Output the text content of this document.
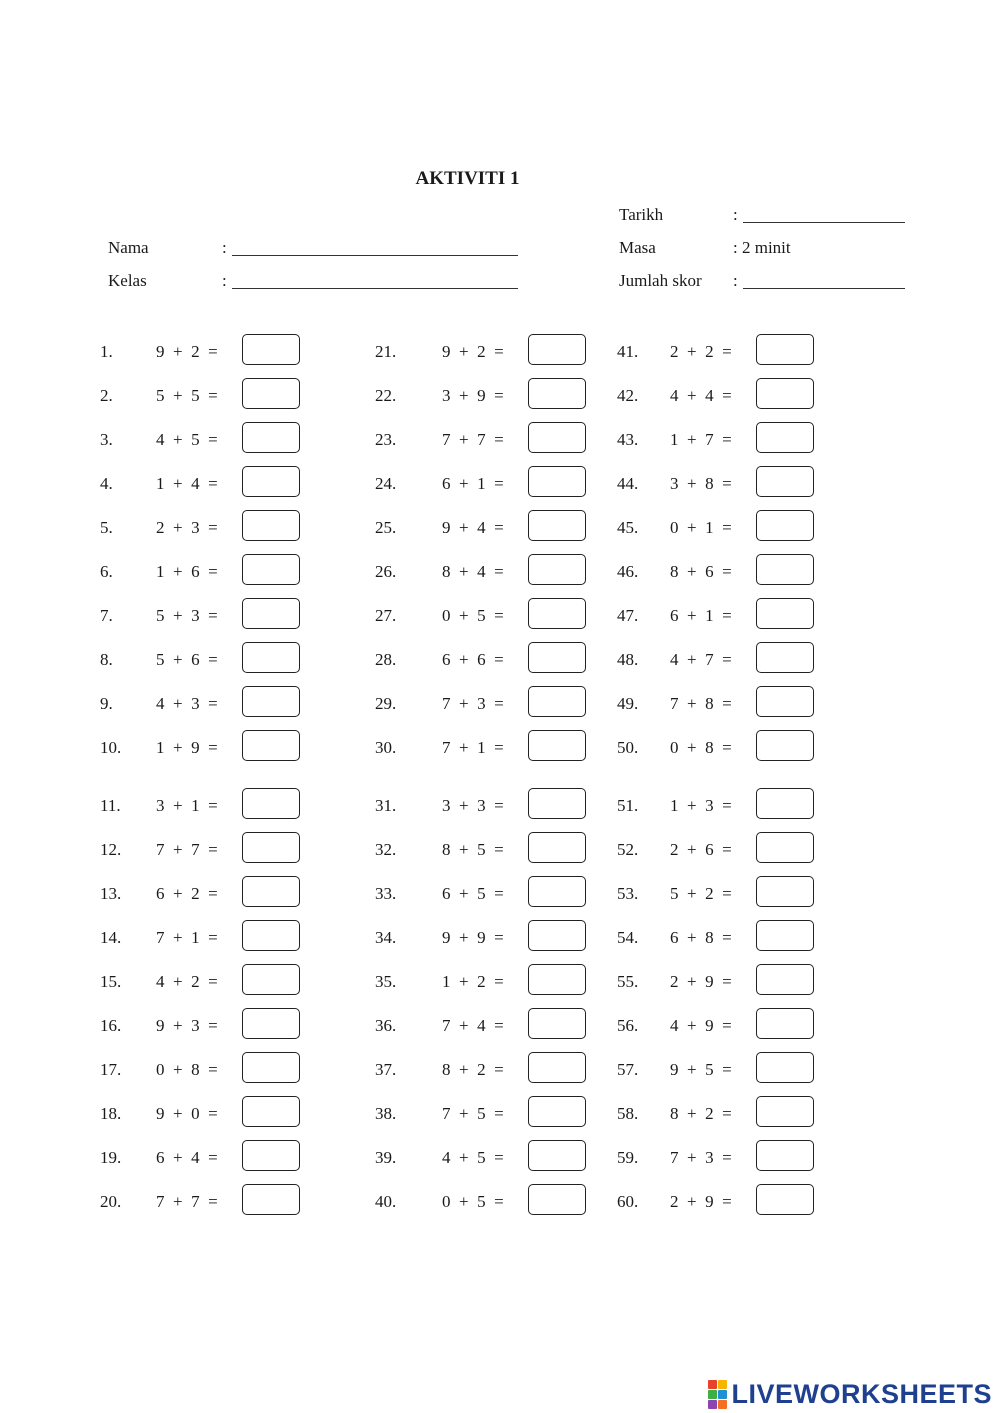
AKTIVITI 1
Nama	:
Kelas	:
Tarikh	:
Masa	: 2 minit
Jumlah skor :
1.	9 + 2 =
2.	5 + 5 =
3.	4 + 5 =
4.	1 + 4 =
5.	2 + 3 =
6.	1 + 6 =
7.	5 + 3 =
8.	5 + 6 =
9.	4 + 3 =
10. 1 + 9 =
11. 3 + 1 =
12. 7 + 7 =
13. 6 + 2 =
14. 7 + 1 =
15. 4 + 2 =
16. 9 + 3 =
17. 0 + 8 =
18. 9 + 0 =
19. 6 + 4 =
20. 7 + 7 =
21.	9 + 2 =
22.	3 + 9 =
23.	7 + 7 =
24.	6 + 1 =
25.	9 + 4 =
26.	8 + 4 =
27.	0 + 5 =
28.	6 + 6 =
29.	7 + 3 =
30.	7 + 1 =
31.	3 + 3 =
32.	8 + 5 =
33.	6 + 5 =
34.	9 + 9 =
35.	1 + 2 =
36.	7 + 4 =
37.	8 + 2 =
38.	7 + 5 =
39.	4 + 5 =
40.	0 + 5 =
41. 2 + 2 =
42. 4 + 4 =
43. 1 + 7 =
44. 3 + 8 =
45. 0 + 1 =
46. 8 + 6 =
47. 6 + 1 =
48. 4 + 7 =
49. 7 + 8 =
50. 0 + 8 =
51. 1 + 3 =
52. 2 + 6 =
53. 5 + 2 =
54. 6 + 8 =
55. 2 + 9 =
56. 4 + 9 =
57. 9 + 5 =
58. 8 + 2 =
59. 7 + 3 =
60. 2 + 9 =
LIVEWORKSHEETS
